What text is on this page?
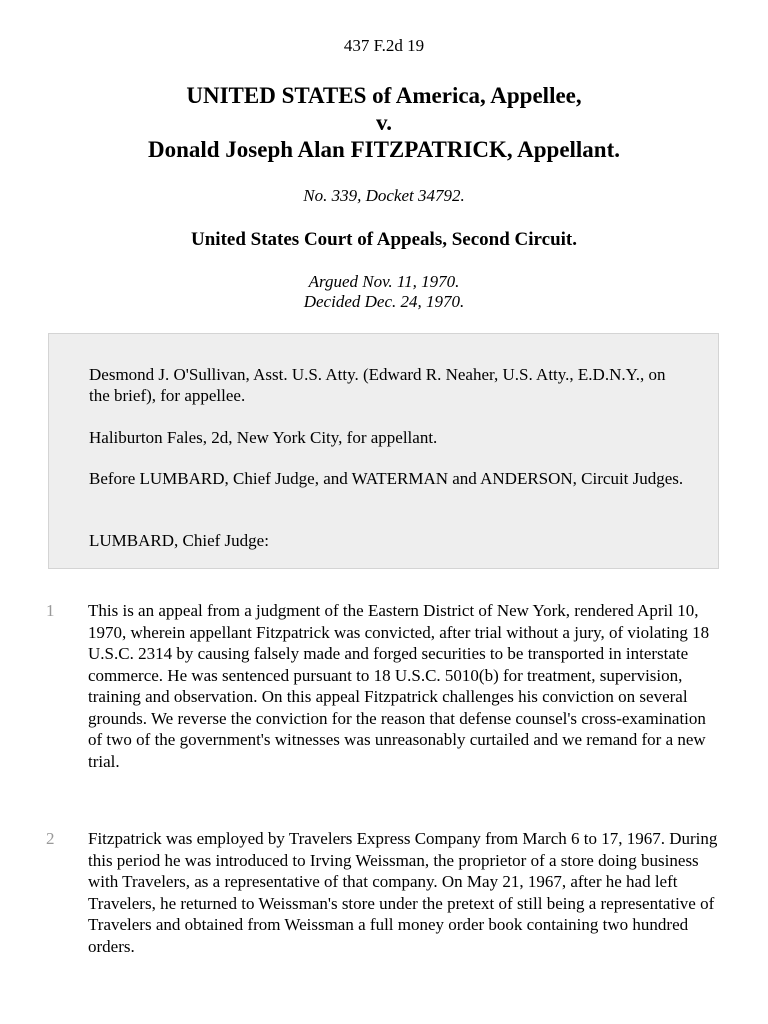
437 F.2d 19
UNITED STATES of America, Appellee,
v.
Donald Joseph Alan FITZPATRICK, Appellant.
No. 339, Docket 34792.
United States Court of Appeals, Second Circuit.
Argued Nov. 11, 1970.
Decided Dec. 24, 1970.

Desmond J. O'Sullivan, Asst. U.S. Atty. (Edward R. Neaher, U.S. Atty., E.D.N.Y., on the brief), for appellee.

Haliburton Fales, 2d, New York City, for appellant.

Before LUMBARD, Chief Judge, and WATERMAN and ANDERSON, Circuit Judges.

LUMBARD, Chief Judge:

1 This is an appeal from a judgment of the Eastern District of New York, rendered April 10, 1970, wherein appellant Fitzpatrick was convicted, after trial without a jury, of violating 18 U.S.C. 2314 by causing falsely made and forged securities to be transported in interstate commerce. He was sentenced pursuant to 18 U.S.C. 5010(b) for treatment, supervision, training and observation. On this appeal Fitzpatrick challenges his conviction on several grounds. We reverse the conviction for the reason that defense counsel's cross-examination of two of the government's witnesses was unreasonably curtailed and we remand for a new trial.

2 Fitzpatrick was employed by Travelers Express Company from March 6 to 17, 1967. During this period he was introduced to Irving Weissman, the proprietor of a store doing business with Travelers, as a representative of that company. On May 21, 1967, after he had left Travelers, he returned to Weissman's store under the pretext of still being a representative of Travelers and obtained from Weissman a full money order book containing two hundred orders.
